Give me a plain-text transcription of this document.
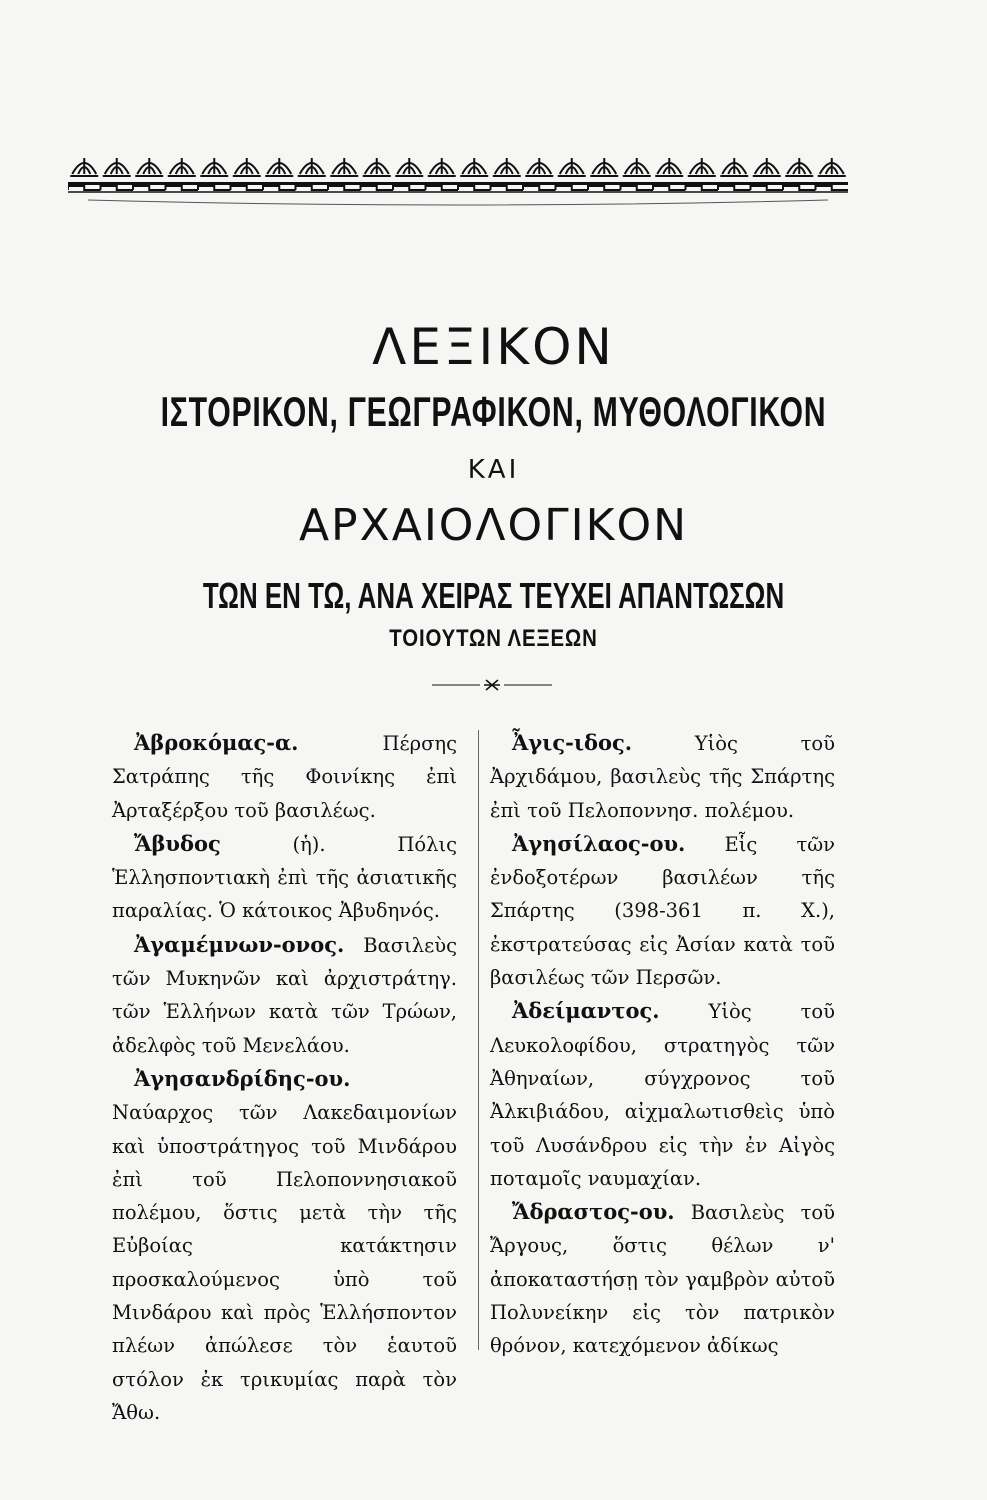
ΛΕΞΙΚΟΝ
ΙΣΤΟΡΙΚΟΝ, ΓΕΩΓΡΑΦΙΚΟΝ, ΜΥΘΟΛΟΓΙΚΟΝ
ΚΑΙ
ΑΡΧΑΙΟΛΟΓΙΚΟΝ
ΤΩΝ ΕΝ ΤΩ, ΑΝΑ ΧΕΙΡΑΣ ΤΕΥΧΕΙ ΑΠΑΝΤΩΣΩΝ
ΤΟΙΟΥΤΩΝ ΛΕΞΕΩΝ

Ἀβροκόμας-α.	Πέρσης Σατράπης τῆς Φοινίκης ἐπὶ Ἀρταξέρξου τοῦ βασιλέως.

Ἄβυδος	(ἡ). Πόλις Ἑλλησποντιακὴ ἐπὶ τῆς ἀσιατικῆς παραλίας. Ὁ κάτοικος Ἀβυδηνός.

Ἀγαμέμνων-ονος. Βασιλεὺς τῶν Μυκηνῶν καὶ ἀρχιστράτηγ. τῶν Ἑλλήνων κατὰ τῶν Τρώων, ἀδελφὸς τοῦ Μενελάου.

Ἀγησανδρίδης-ου. Ναύαρχος τῶν Λακεδαιμονίων καὶ ὑποστράτηγος τοῦ Μινδάρου ἐπὶ τοῦ Πελοποννησιακοῦ πολέμου, ὅστις μετὰ τὴν τῆς Εὐβοίας κατάκτησιν προσκαλούμενος ὑπὸ τοῦ Μινδάρου καὶ πρὸς Ἑλλήσποντον πλέων ἀπώλεσε τὸν ἑαυτοῦ στόλον ἐκ τρικυμίας παρὰ τὸν Ἄθω.

Ἆγις-ιδος.	Υἱὸς τοῦ Ἀρχιδάμου, βασιλεὺς τῆς Σπάρτης ἐπὶ τοῦ Πελοποννησ. πολέμου.

Ἀγησίλαος-ου. Εἷς τῶν ἐνδοξοτέρων βασιλέων τῆς Σπάρτης (398-361 π. Χ.), ἐκστρατεύσας εἰς Ἀσίαν κατὰ τοῦ βασιλέως τῶν Περσῶν.

Ἀδείμαντος.	Υἱὸς τοῦ Λευκολοφίδου, στρατηγὸς τῶν Ἀθηναίων, σύγχρονος τοῦ Ἀλκιβιάδου, αἰχμαλωτισθεὶς ὑπὸ τοῦ Λυσάνδρου εἰς τὴν ἐν Αἰγὸς ποταμοῖς ναυμαχίαν.

Ἄδραστος-ου. Βασιλεὺς τοῦ Ἄργους, ὅστις θέλων ν' ἀποκαταστήσῃ τὸν γαμβρὸν αὐτοῦ Πολυνείκην εἰς τὸν πατρικὸν θρόνον, κατεχόμενον ἀδίκως
